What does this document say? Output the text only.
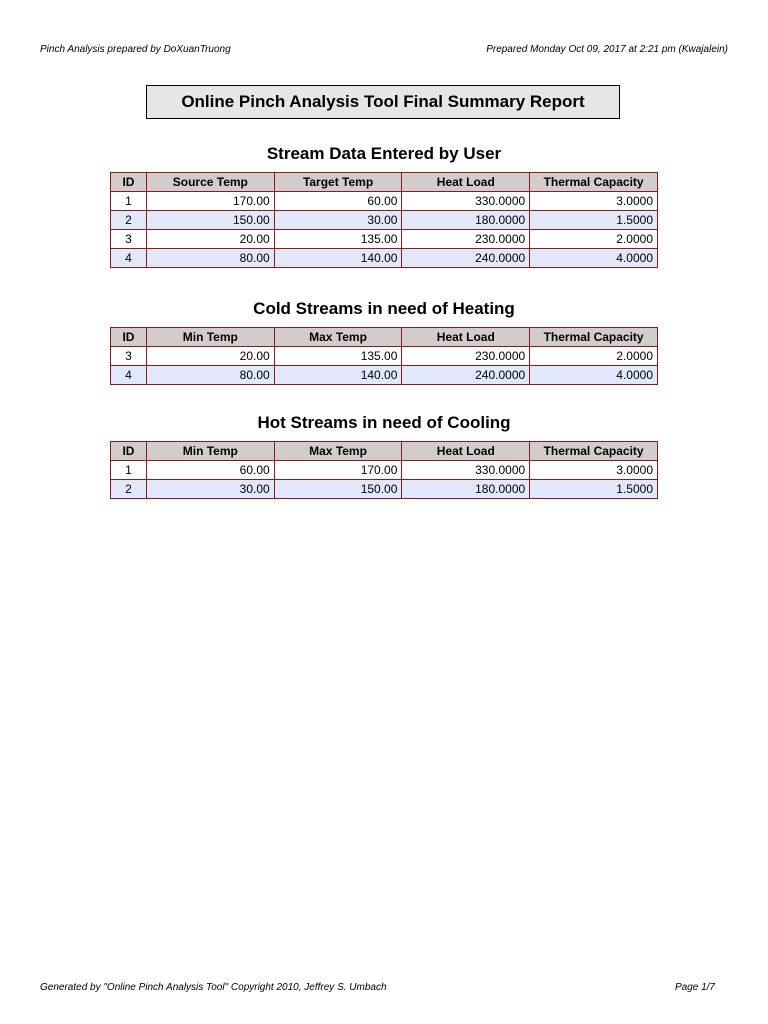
Pinch Analysis prepared by DoXuanTruong	Prepared Monday Oct 09, 2017 at 2:21 pm (Kwajalein)
Online Pinch Analysis Tool Final Summary Report
Stream Data Entered by User
ID	Source Temp	Target Temp	Heat Load	Thermal Capacity
1	170.00	60.00	330.0000	3.0000
2	150.00	30.00	180.0000	1.5000
3	20.00	135.00	230.0000	2.0000
4	80.00	140.00	240.0000	4.0000
Cold Streams in need of Heating
ID	Min Temp	Max Temp	Heat Load	Thermal Capacity
3	20.00	135.00	230.0000	2.0000
4	80.00	140.00	240.0000	4.0000
Hot Streams in need of Cooling
ID	Min Temp	Max Temp	Heat Load	Thermal Capacity
1	60.00	170.00	330.0000	3.0000
2	30.00	150.00	180.0000	1.5000
Generated by "Online Pinch Analysis Tool" Copyright 2010, Jeffrey S. Umbach	Page 1/7
